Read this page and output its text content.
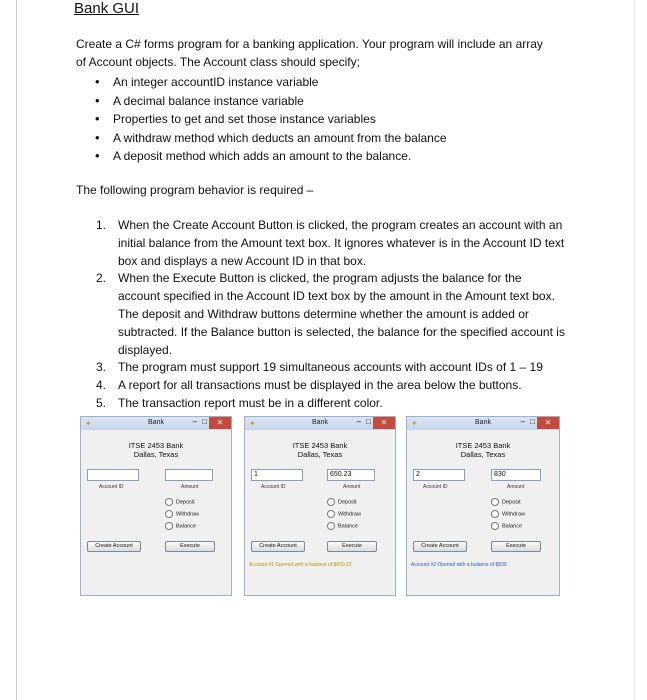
Bank GUI
Create a C# forms program for a banking application. Your program will include an array of Account objects. The Account class should specify;
• An integer accountID instance variable
• A decimal balance instance variable
• Properties to get and set those instance variables
• A withdraw method which deducts an amount from the balance
• A deposit method which adds an amount to the balance.
The following program behavior is required –
1. When the Create Account Button is clicked, the program creates an account with an initial balance from the Amount text box. It ignores whatever is in the Account ID text box and displays a new Account ID in that box.
2. When the Execute Button is clicked, the program adjusts the balance for the account specified in the Account ID text box by the amount in the Amount text box. The deposit and Withdraw buttons determine whether the amount is added or subtracted. If the Balance button is selected, the balance for the specified account is displayed.
3. The program must support 19 simultaneous accounts with account IDs of 1 – 19
4. A report for all transactions must be displayed in the area below the buttons.
5. The transaction report must be in a different color.
✦	Bank	– □	✕
ITSE 2453 Bank
Dallas, Texas
Account ID	Amount
Deposit
Withdraw
Balance
Create Account	Execute
✦	Bank	– □	✕
ITSE 2453 Bank
Dallas, Texas
1	650.23
Account ID	Amount
Deposit
Withdraw
Balance
Create Account	Execute
Account #1 Opened with a balance of $650.23
✦	Bank	– □	✕
ITSE 2453 Bank
Dallas, Texas
2	830
Account ID	Amount
Deposit
Withdraw
Balance
Create Account	Execute
Account #2 Opened with a balance of $830
